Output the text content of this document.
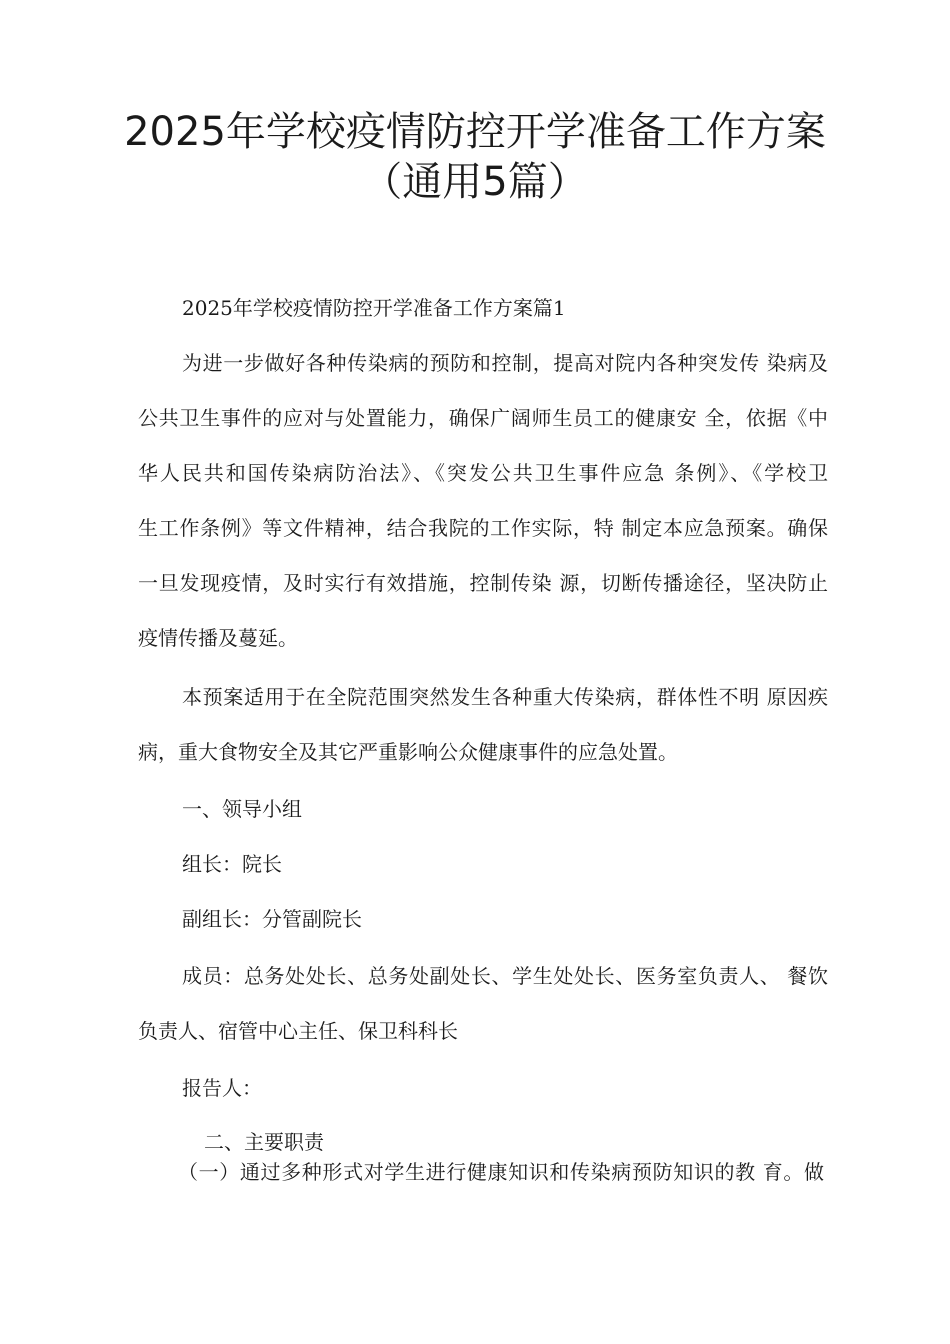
2025年学校疫情防控开学准备工作方案
（通用5篇）

2025年学校疫情防控开学准备工作方案篇1

为进一步做好各种传染病的预防和控制，提高对院内各种突发传 染病及

公共卫生事件的应对与处置能力，确保广阔师生员工的健康安 全，依据《中

华人民共和国传染病防治法》、《突发公共卫生事件应急 条例》、《学校卫

生工作条例》等文件精神，结合我院的工作实际，特 制定本应急预案。确保

一旦发现疫情，及时实行有效措施，控制传染 源，切断传播途径，坚决防止

疫情传播及蔓延。

本预案适用于在全院范围突然发生各种重大传染病，群体性不明 原因疾

病，重大食物安全及其它严重影响公众健康事件的应急处置。

一、领导小组

组长：院长

副组长：分管副院长

成员：总务处处长、总务处副处长、学生处处长、医务室负责人、 餐饮

负责人、宿管中心主任、保卫科科长

报告人：

二、主要职责

（一）通过多种形式对学生进行健康知识和传染病预防知识的教 育。做
